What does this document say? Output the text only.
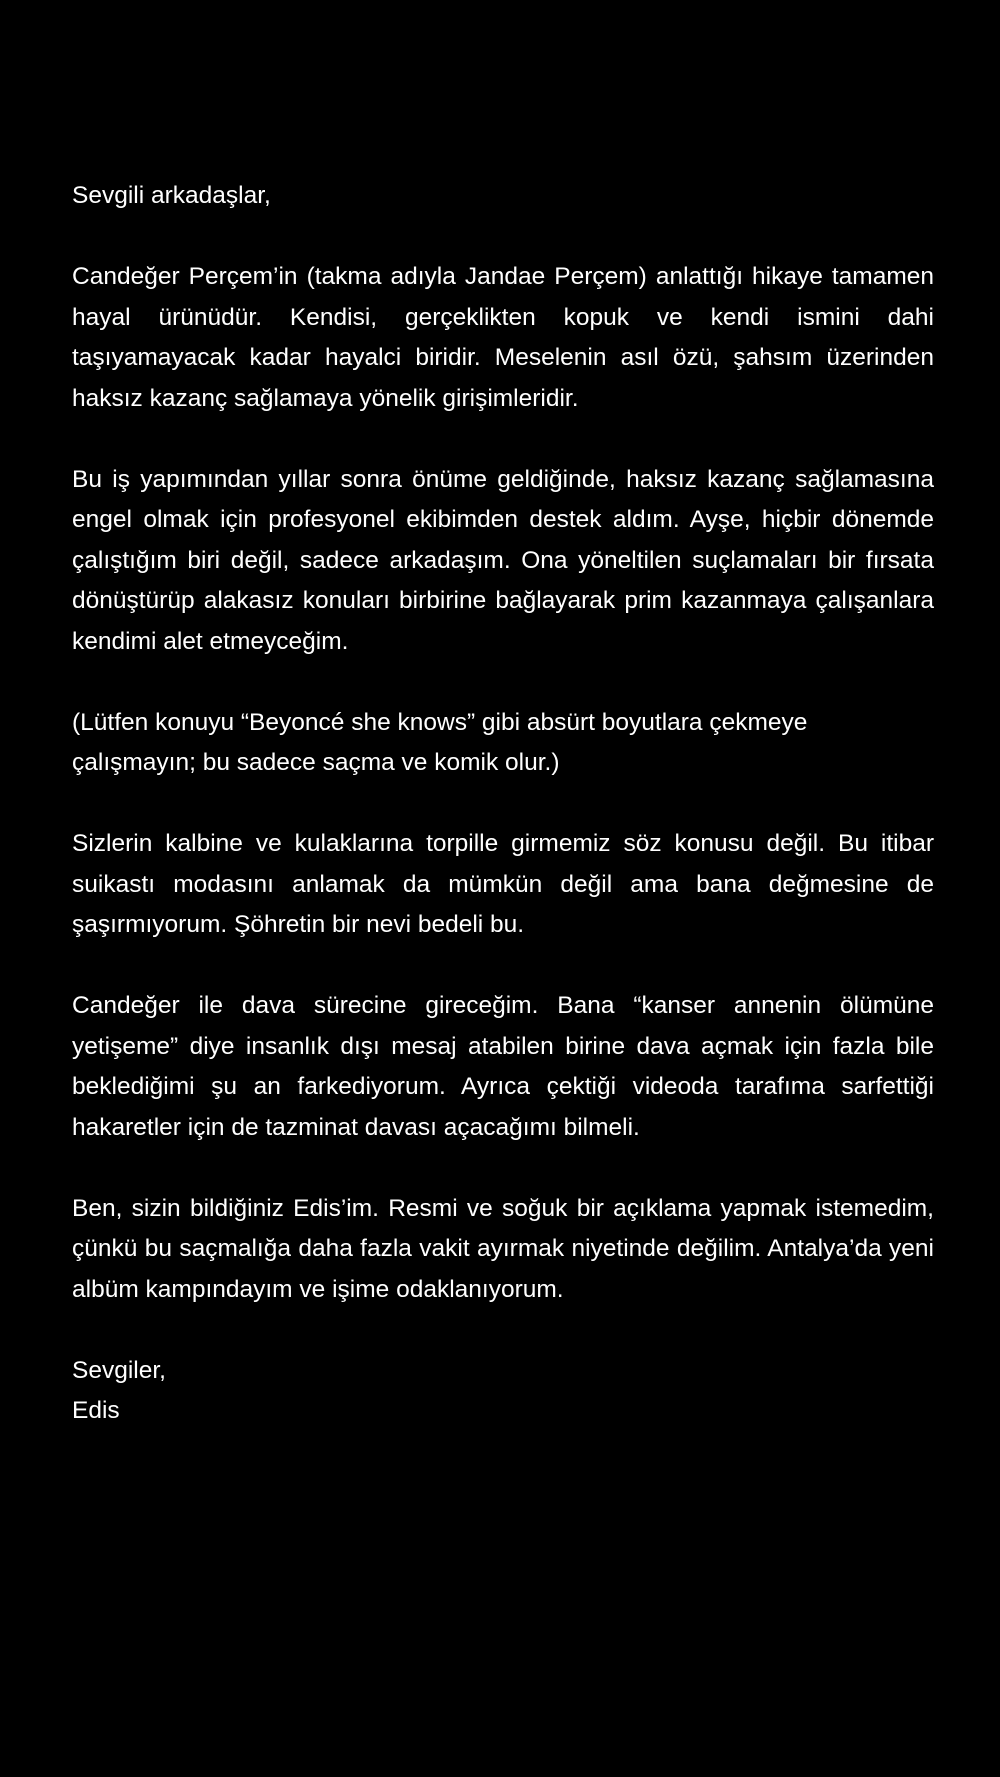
Sevgili arkadaşlar,

Candeğer Perçem’in (takma adıyla Jandae Perçem) anlattığı hikaye tamamen hayal ürünüdür. Kendisi, gerçeklikten kopuk ve kendi ismini dahi taşıyamayacak kadar hayalci biridir. Meselenin asıl özü, şahsım üzerinden haksız kazanç sağlamaya yönelik girişimleridir.

Bu iş yapımından yıllar sonra önüme geldiğinde, haksız kazanç sağlamasına engel olmak için profesyonel ekibimden destek aldım. Ayşe, hiçbir dönemde çalıştığım biri değil, sadece arkadaşım. Ona yöneltilen suçlamaları bir fırsata dönüştürüp alakasız konuları birbirine bağlayarak prim kazanmaya çalışanlara kendimi alet etmeyceğim.

(Lütfen konuyu “Beyoncé she knows” gibi absürt boyutlara çekmeye çalışmayın; bu sadece saçma ve komik olur.)

Sizlerin kalbine ve kulaklarına torpille girmemiz söz konusu değil. Bu itibar suikastı modasını anlamak da mümkün değil ama bana değmesine de şaşırmıyorum. Şöhretin bir nevi bedeli bu.

Candeğer ile dava sürecine gireceğim. Bana “kanser annenin ölümüne yetişeme” diye insanlık dışı mesaj atabilen birine dava açmak için fazla bile beklediğimi şu an farkediyorum. Ayrıca çektiği videoda tarafıma sarfettiği hakaretler için de tazminat davası açacağımı bilmeli.

Ben, sizin bildiğiniz Edis’im. Resmi ve soğuk bir açıklama yapmak istemedim, çünkü bu saçmalığa daha fazla vakit ayırmak niyetinde değilim. Antalya’da yeni albüm kampındayım ve işime odaklanıyorum.

Sevgiler,
Edis
